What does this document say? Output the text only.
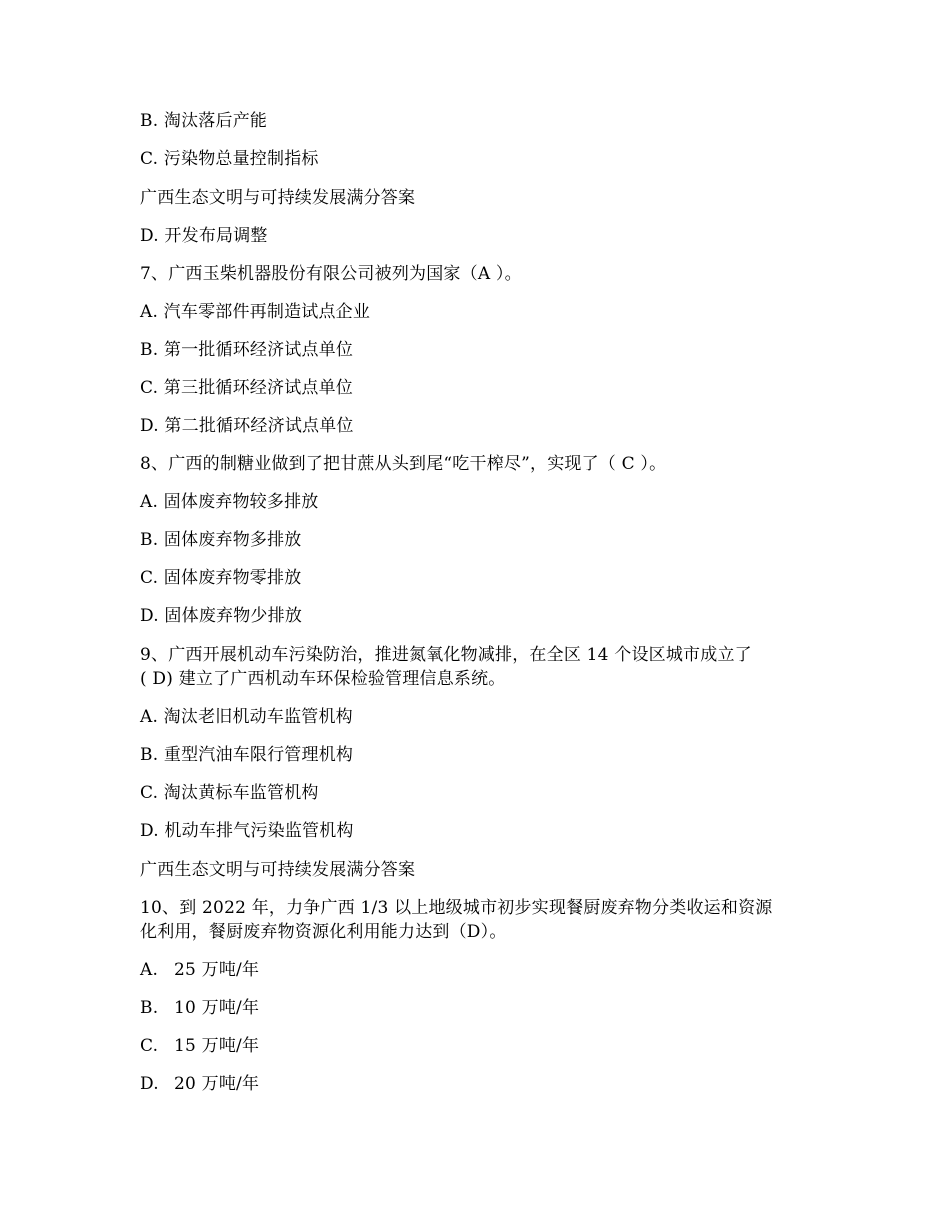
B. 淘汰落后产能
C. 污染物总量控制指标
广西生态文明与可持续发展满分答案
D. 开发布局调整
7、广西玉柴机器股份有限公司被列为国家（A ）。
A. 汽车零部件再制造试点企业
B. 第一批循环经济试点单位
C. 第三批循环经济试点单位
D. 第二批循环经济试点单位
8、广西的制糖业做到了把甘蔗从头到尾“吃干榨尽”，实现了（ C ）。
A. 固体废弃物较多排放
B. 固体废弃物多排放
C. 固体废弃物零排放
D. 固体废弃物少排放
9、广西开展机动车污染防治，推进氮氧化物减排，在全区 14 个设区城市成立了
( D) 建立了广西机动车环保检验管理信息系统。
A. 淘汰老旧机动车监管机构
B. 重型汽油车限行管理机构
C. 淘汰黄标车监管机构
D. 机动车排气污染监管机构
广西生态文明与可持续发展满分答案
10、到 2022 年，力争广西 1/3 以上地级城市初步实现餐厨废弃物分类收运和资源
化利用，餐厨废弃物资源化利用能力达到（D）。
A. 25 万吨/年
B. 10 万吨/年
C. 15 万吨/年
D. 20 万吨/年
